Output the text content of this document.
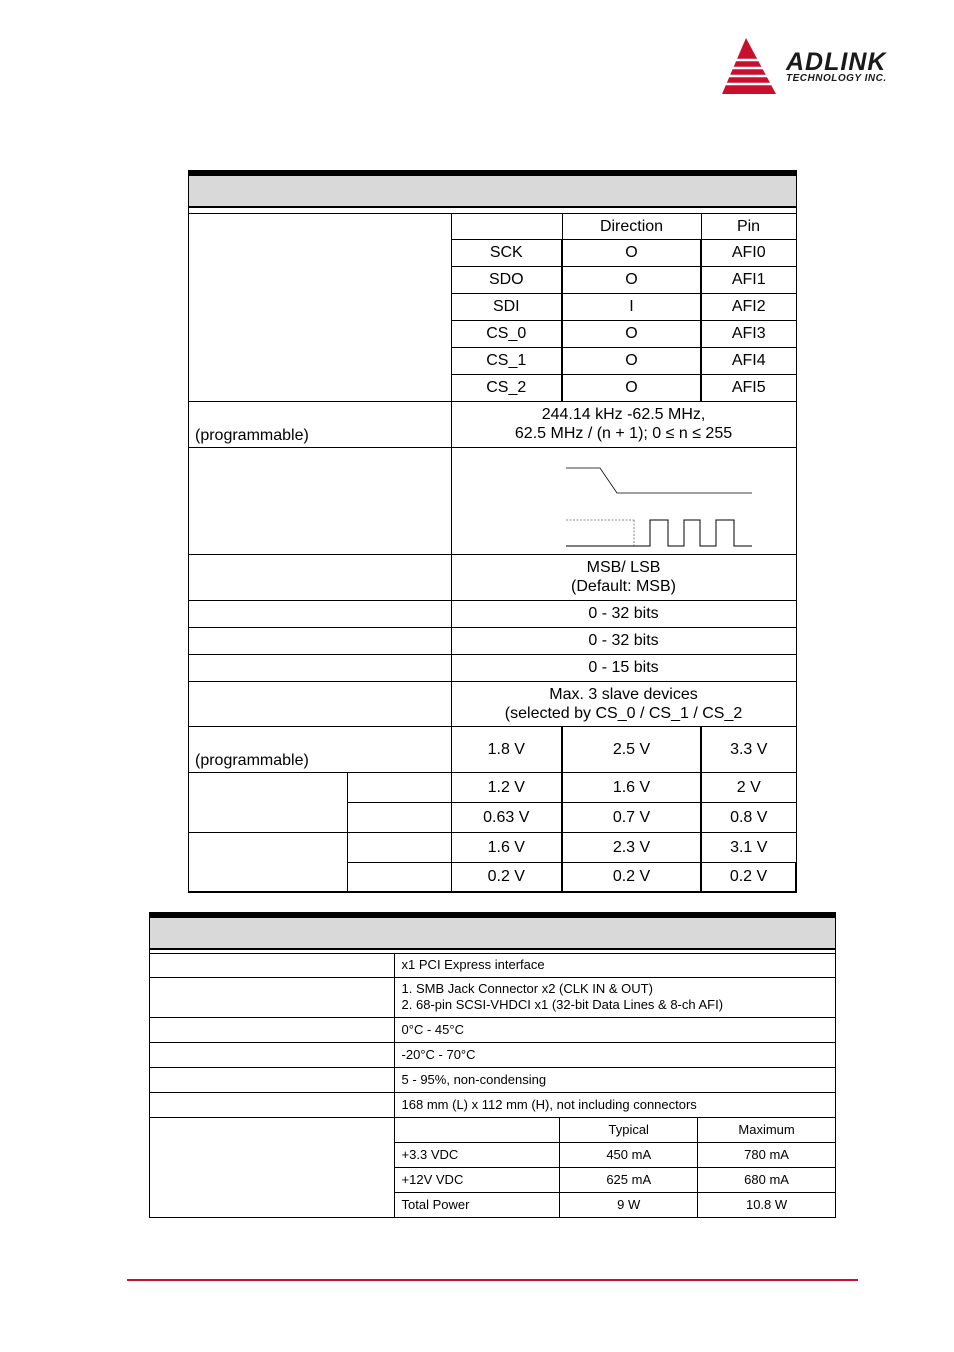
ADLINK
TECHNOLOGY INC.

			Direction	Pin
		SCK	O	AFI0
		SDO	O	AFI1
		SDI	I	AFI2
		CS_0	O	AFI3
		CS_1	O	AFI4
		CS_2	O	AFI5
(programmable)		244.14 kHz -62.5 MHz,
62.5 MHz / (n + 1); 0 ≤ n ≤ 255		

		MSB/ LSB
(Default: MSB)		

		0 - 32 bits		
		0 - 32 bits		
		0 - 15 bits		

		Max. 3 slave devices
(selected by CS_0 / CS_1 / CS_2		

(programmable)		1.8 V	2.5 V	3.3 V
		1.2 V	1.6 V	2 V
		0.63 V	0.7 V	0.8 V
		1.6 V	2.3 V	3.1 V
		0.2 V	0.2 V	0.2 V

	x1 PCI Express interface		

	1. SMB Jack Connector x2 (CLK IN & OUT)
2. 68-pin SCSI-VHDCI x1 (32-bit Data Lines & 8-ch AFI)		

	0°C - 45°C		
	-20°C - 70°C		
	5 - 95%, non-condensing		
	168 mm (L) x 112 mm (H), not including connectors		
		Typical	Maximum
	+3.3 VDC	450 mA	780 mA
	+12V VDC	625 mA	680 mA
	Total Power	9 W	10.8 W
